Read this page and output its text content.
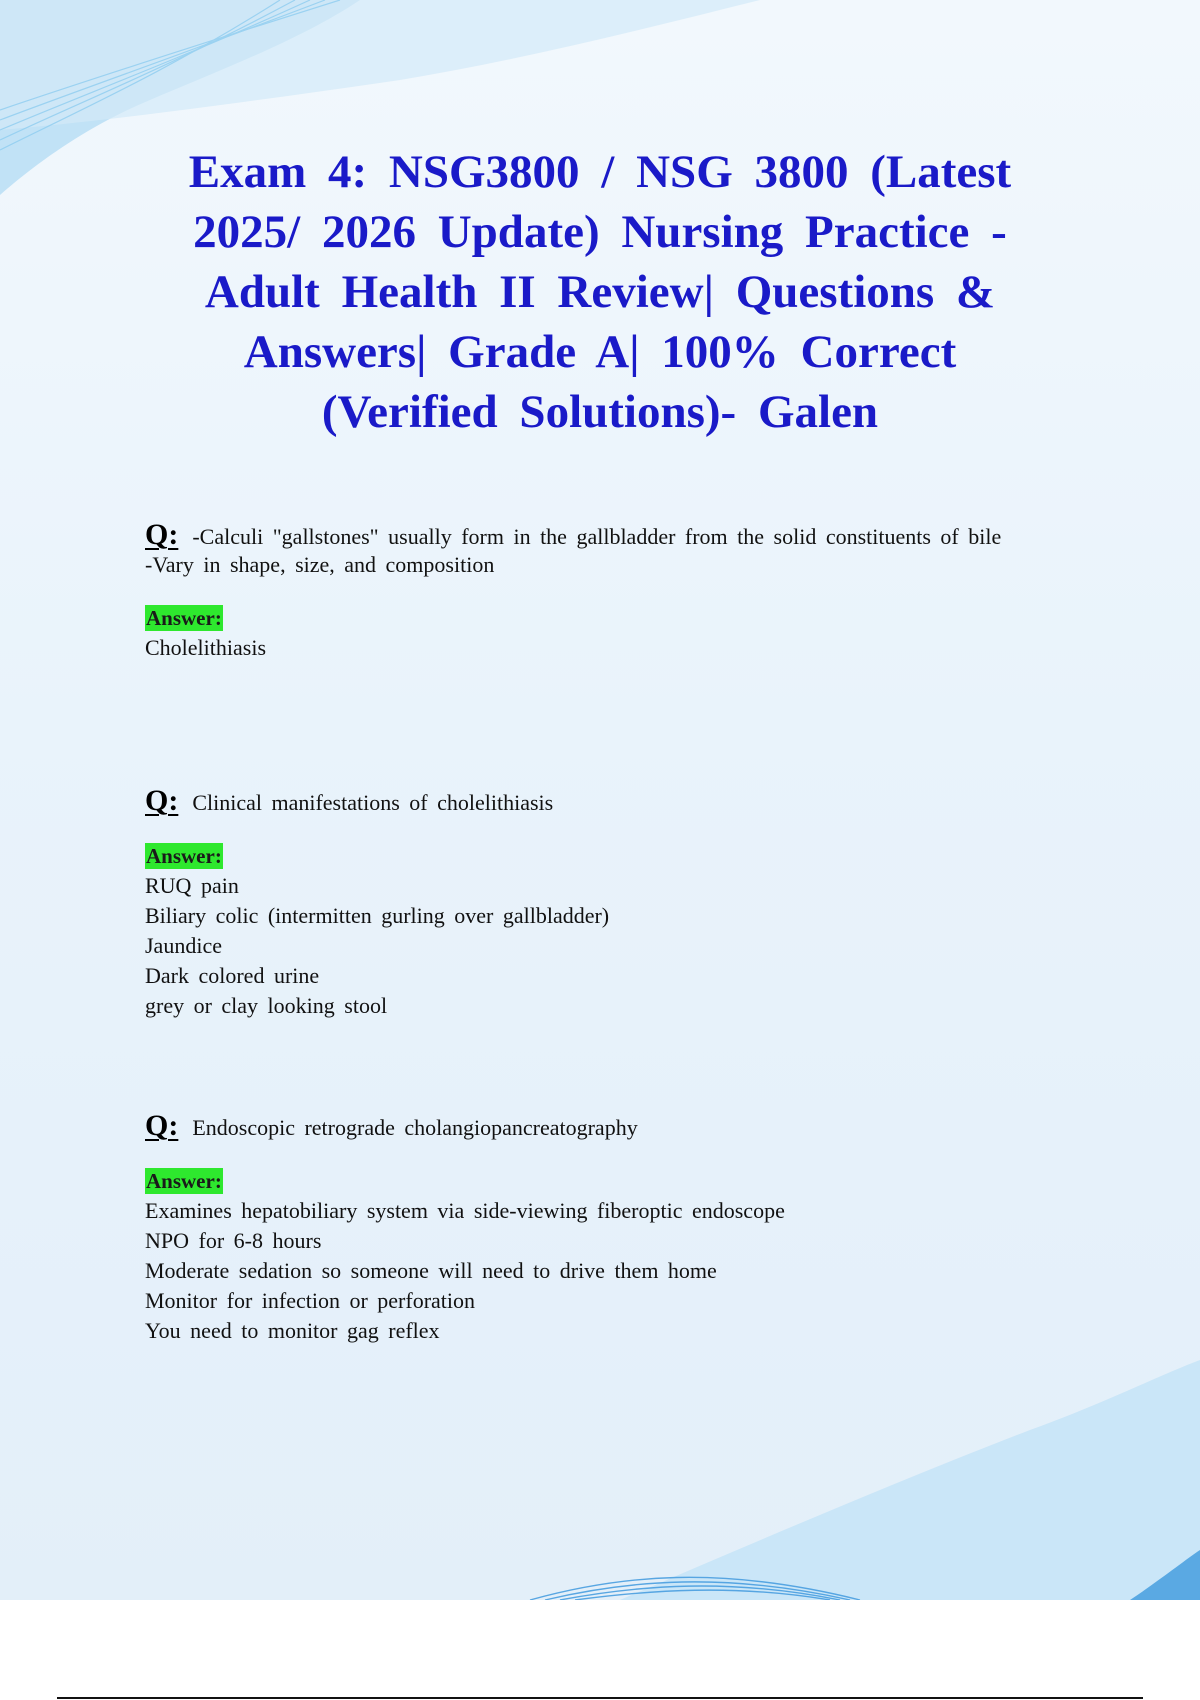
Exam 4: NSG3800 / NSG 3800 (Latest
2025/ 2026 Update) Nursing Practice -
Adult Health II Review| Questions &
Answers| Grade A| 100% Correct
(Verified Solutions)- Galen

Q: -Calculi "gallstones" usually form in the gallbladder from the solid constituents of bile

-Vary in shape, size, and composition

Answer:
Cholelithiasis

Q: Clinical manifestations of cholelithiasis

Answer:
RUQ pain
Biliary colic (intermitten gurling over gallbladder)
Jaundice
Dark colored urine
grey or clay looking stool

Q: Endoscopic retrograde cholangiopancreatography

Answer:
Examines hepatobiliary system via side-viewing fiberoptic endoscope
NPO for 6-8 hours
Moderate sedation so someone will need to drive them home
Monitor for infection or perforation
You need to monitor gag reflex
